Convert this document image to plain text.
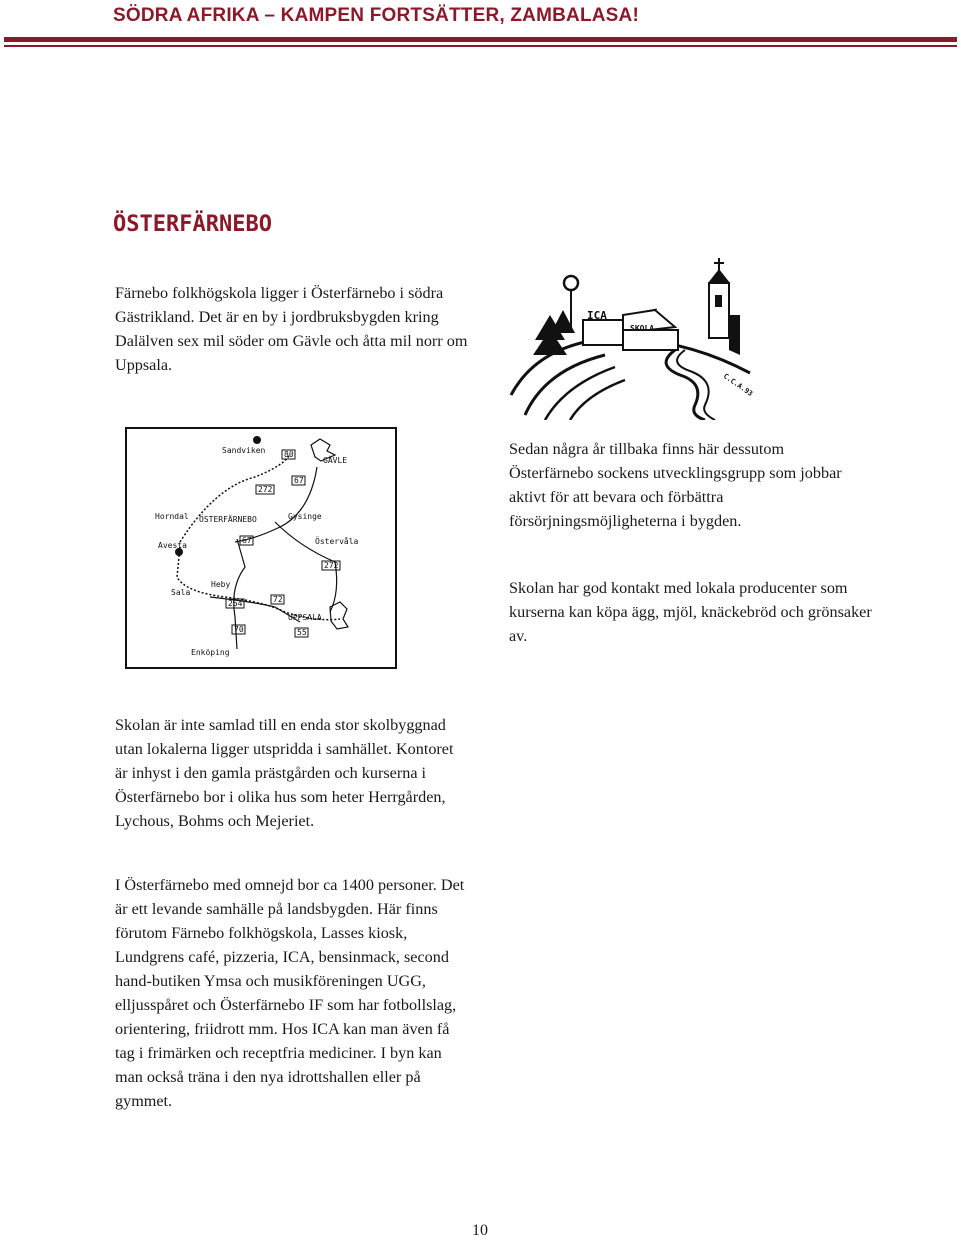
SÖDRA AFRIKA – KAMPEN FORTSÄTTER, ZAMBALASA!
ÖSTERFÄRNEBO

Färnebo folkhögskola ligger i Österfärnebo i södra Gästrikland. Det är en by i jordbruksbygden kring Dalälven sex mil söder om Gävle och åtta mil norr om Uppsala.

ICA
SKOLA
C.C.A.93
Sandviken
GÄVLE
Horndal ÖSTERFÄRNEBO	Gysinge
Avesta	Östervåla
Sala
Heby
UPPSALA
Enköping
80
272
67
67
272
254	72
70	55

Sedan några år tillbaka finns här dessutom Österfärnebo sockens utvecklingsgrupp som jobbar aktivt för att bevara och förbättra försörjningsmöjligheterna i bygden.

Skolan har god kontakt med lokala producenter som kurserna kan köpa ägg, mjöl, knäckebröd och grönsaker av.

Skolan är inte samlad till en enda stor skolbyggnad utan lokalerna ligger utspridda i samhället. Kontoret är inhyst i den gamla prästgården och kurserna i Österfärnebo bor i olika hus som heter Herrgården, Lychous, Bohms och Mejeriet.

I Österfärnebo med omnejd bor ca 1400 personer. Det är ett levande samhälle på landsbygden. Här finns förutom Färnebo folkhögskola, Lasses kiosk, Lundgrens café, pizzeria, ICA, bensinmack, second hand-butiken Ymsa och musikföreningen UGG, elljusspåret och Österfärnebo IF som har fotbollslag, orientering, friidrott mm. Hos ICA kan man även få tag i frimärken och receptfria mediciner. I byn kan man också träna i den nya idrottshallen eller på gymmet.

10
